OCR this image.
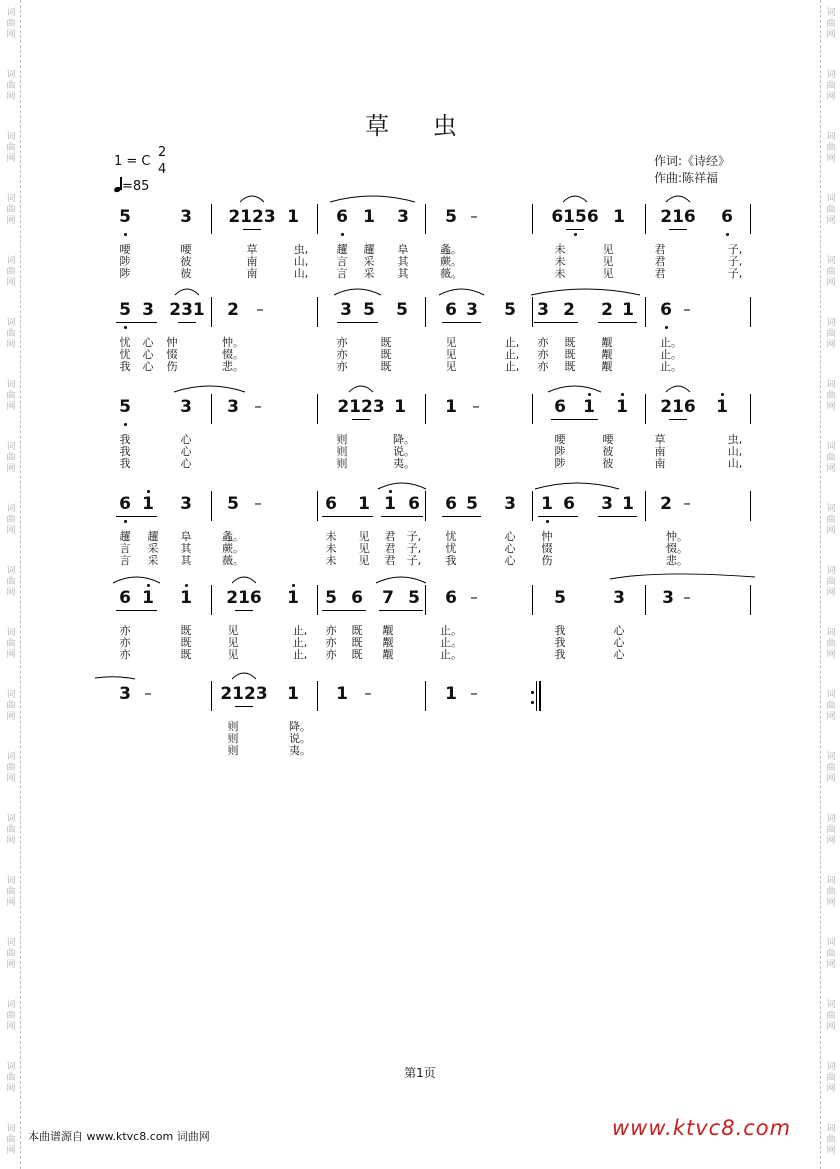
词
曲
网
词
曲
网
词
曲
网
词
曲
网
词
曲
网
词
曲
网
词
曲
网
词
曲
网
词
曲
网
词
曲
网
词
曲
网
词
曲
网
词
曲
网
词
曲
网
词
曲
网
词
曲
网
词
曲
网
词
曲
网
词
曲
网
词
曲
网
词
曲
网
词
曲
网
词
曲
网
词
曲
网
词
曲
网
词
曲
网
词
曲
网
词
曲
网
词
曲
网
词
曲
网
词
曲
网
词
曲
网
词
曲
网
词
曲
网
词
曲
网
词
曲
网
词
曲
网
词
曲
网
草 虫
1 = C
2
4
=85
作词:《诗经》
作曲:陈祥福
5	3 2123 1 6 1 3 5 –	6156 1 216 6
喓	喓	草	虫,	趯 趯 阜	螽。	未	见	君	子,
陟	彼	南	山,	言 采 其	蕨。	未	见	君	子,
陟	彼	南	山,	言 采 其	薇。	未	见	君	子,
5 3 231 2 –	3 5 5 6 3 5 3 2 2 1 6 –
忧 心 忡	忡。	亦	既	见	止, 亦 既 觏	止。
忧 心 惙	惙。	亦	既	见	止, 亦 既 觏	止。
我 心 伤	悲。	亦	既	见	止, 亦 既 觏	止。
5	3 3 –	2123 1 1 –	6 1 1 216 1
我	心	则	降。	喓	喓	草	虫,
我	心	则	说。	陟	彼	南	山,
我	心	则	夷。	陟	彼	南	山,
6 1 3 5 –	6 1 1 6 6 5 3 1 6 3 1 2 –
趯 趯 阜	螽。	未 见 君 子, 忧	心 忡	忡。
言 采 其	蕨。	未 见 君 子, 忧	心 惙	惙。
言 采 其	薇。	未 见 君 子, 我	心 伤	悲。
6 1 1 216 1 5 6 7 5 6 –	5	3 3 –
亦	既	见	止, 亦 既 觏	止。	我	心
亦	既	见	止, 亦 既 觏	止。	我	心
亦	既	见	止, 亦 既 觏	止。	我	心
3 –	2123 1 1 –	1 –
则	降。
则	说。
则	夷。
第1页
本曲谱源自 www.ktvc8.com 词曲网	www.ktvc8.com
